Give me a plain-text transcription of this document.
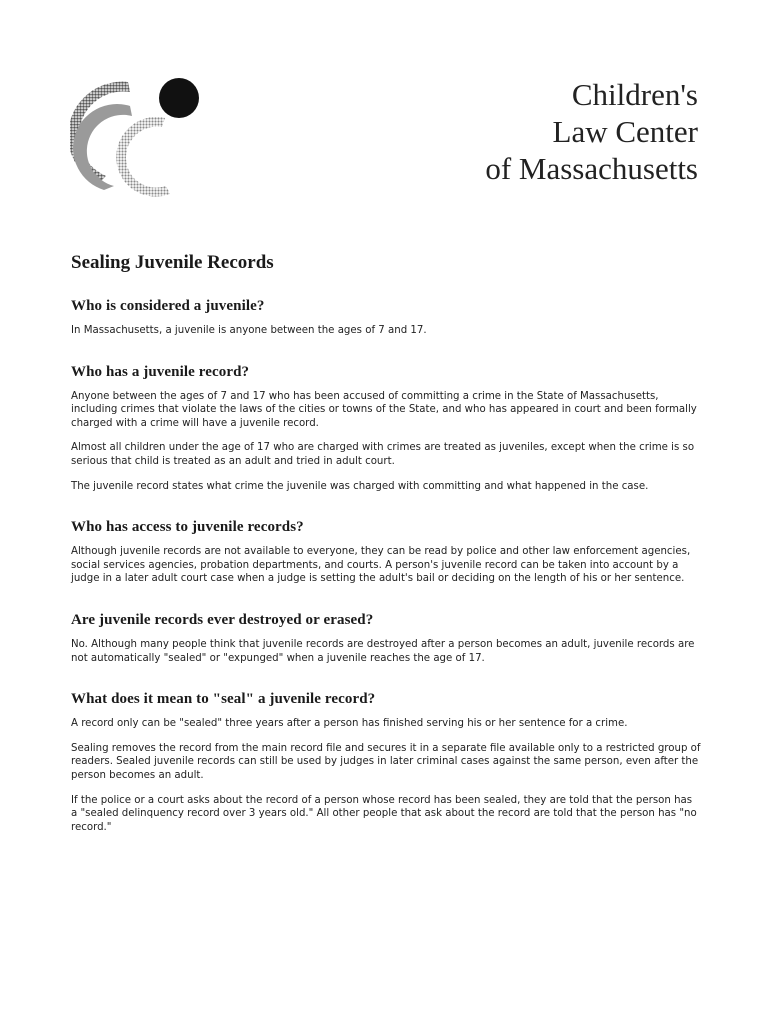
Children's
Law Center
of Massachusetts
Sealing Juvenile Records
Who is considered a juvenile?

In Massachusetts, a juvenile is anyone between the ages of 7 and 17.

Who has a juvenile record?

Anyone between the ages of 7 and 17 who has been accused of committing a crime in the State of Massachusetts, including crimes that violate the laws of the cities or towns of the State, and who has appeared in court and been formally charged with a crime will have a juvenile record.

Almost all children under the age of 17 who are charged with crimes are treated as juveniles, except when the crime is so serious that child is treated as an adult and tried in adult court.

The juvenile record states what crime the juvenile was charged with committing and what happened in the case.

Who has access to juvenile records?

Although juvenile records are not available to everyone, they can be read by police and other law enforcement agencies, social services agencies, probation departments, and courts. A person's juvenile record can be taken into account by a judge in a later adult court case when a judge is setting the adult's bail or deciding on the length of his or her sentence.

Are juvenile records ever destroyed or erased?

No. Although many people think that juvenile records are destroyed after a person becomes an adult, juvenile records are not automatically "sealed" or "expunged" when a juvenile reaches the age of 17.

What does it mean to "seal" a juvenile record?

A record only can be "sealed" three years after a person has finished serving his or her sentence for a crime.

Sealing removes the record from the main record file and secures it in a separate file available only to a restricted group of readers. Sealed juvenile records can still be used by judges in later criminal cases against the same person, even after the person becomes an adult.

If the police or a court asks about the record of a person whose record has been sealed, they are told that the person has a "sealed delinquency record over 3 years old." All other people that ask about the record are told that the person has "no record."
